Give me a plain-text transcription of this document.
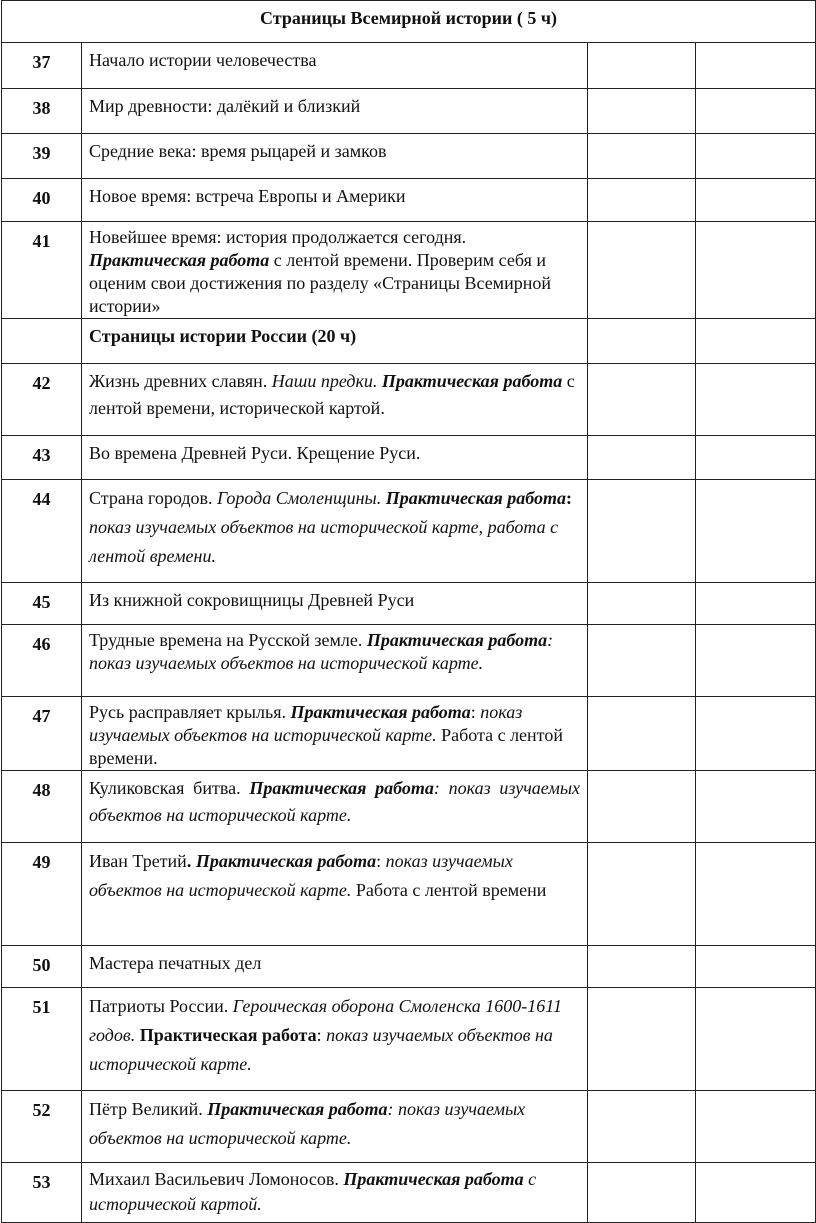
Страницы Всемирной истории ( 5 ч)			
37	Начало истории человечества		
38	Мир древности: далёкий и близкий		
39	Средние века: время рыцарей и замков		
40	Новое время: встреча Европы и Америки		
41	Новейшее время: история продолжается сегодня. Практическая работа с лентой времени. Проверим себя и оценим свои достижения по разделу «Страницы Всемирной истории»		
	Страницы истории России (20 ч)		
42	Жизнь древних славян. Наши предки. Практическая работа с лентой времени, исторической картой.		
43	Во времена Древней Руси. Крещение Руси.		
44	Страна городов. Города Смоленщины. Практическая работа: показ изучаемых объектов на исторической карте, работа с лентой времени.		
45	Из книжной сокровищницы Древней Руси		
46	Трудные времена на Русской земле. Практическая работа: показ изучаемых объектов на исторической карте.		
47	Русь расправляет крылья. Практическая работа: показ изучаемых объектов на исторической карте. Работа с лентой времени.		
48	Куликовская битва. Практическая работа: показ изучаемых объектов на исторической карте.		
49	Иван Третий. Практическая работа: показ изучаемых объектов на исторической карте. Работа с лентой времени		
50	Мастера печатных дел		
51	Патриоты России. Героическая оборона Смоленска 1600-1611 годов. Практическая работа: показ изучаемых объектов на исторической карте.		
52	Пётр Великий. Практическая работа: показ изучаемых объектов на исторической карте.		
53	Михаил Васильевич Ломоносов. Практическая работа с исторической картой.		
